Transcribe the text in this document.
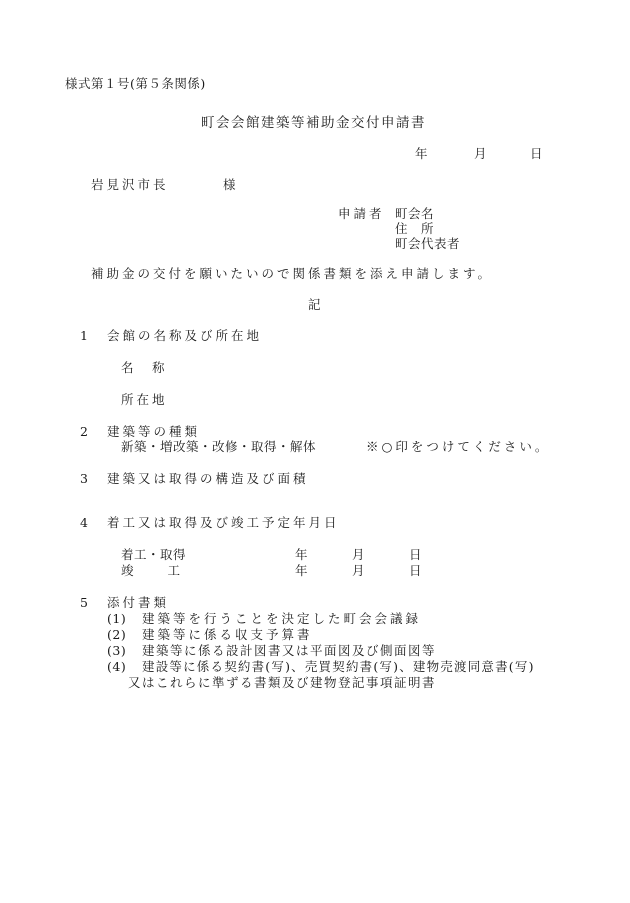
様式第１号(第５条関係)
町会会館建築等補助金交付申請書
年	月	日
岩見沢市長	様
申請者 町会名
住　所
町会代表者
補助金の交付を願いたいので関係書類を添え申請します。
記
1 会館の名称及び所在地
名　称
所在地
2 建築等の種類
新築・増改築・改修・取得・解体	※○印をつけてください。
3 建築又は取得の構造及び面積
4 着工又は取得及び竣工予定年月日
着工・取得	年	月	日
竣　　工	年	月	日
5 添付書類
(1) 建築等を行うことを決定した町会会議録
(2) 建築等に係る収支予算書
(3) 建築等に係る設計図書又は平面図及び側面図等
(4) 建設等に係る契約書(写)、売買契約書(写)、建物売渡同意書(写)
又はこれらに準ずる書類及び建物登記事項証明書
